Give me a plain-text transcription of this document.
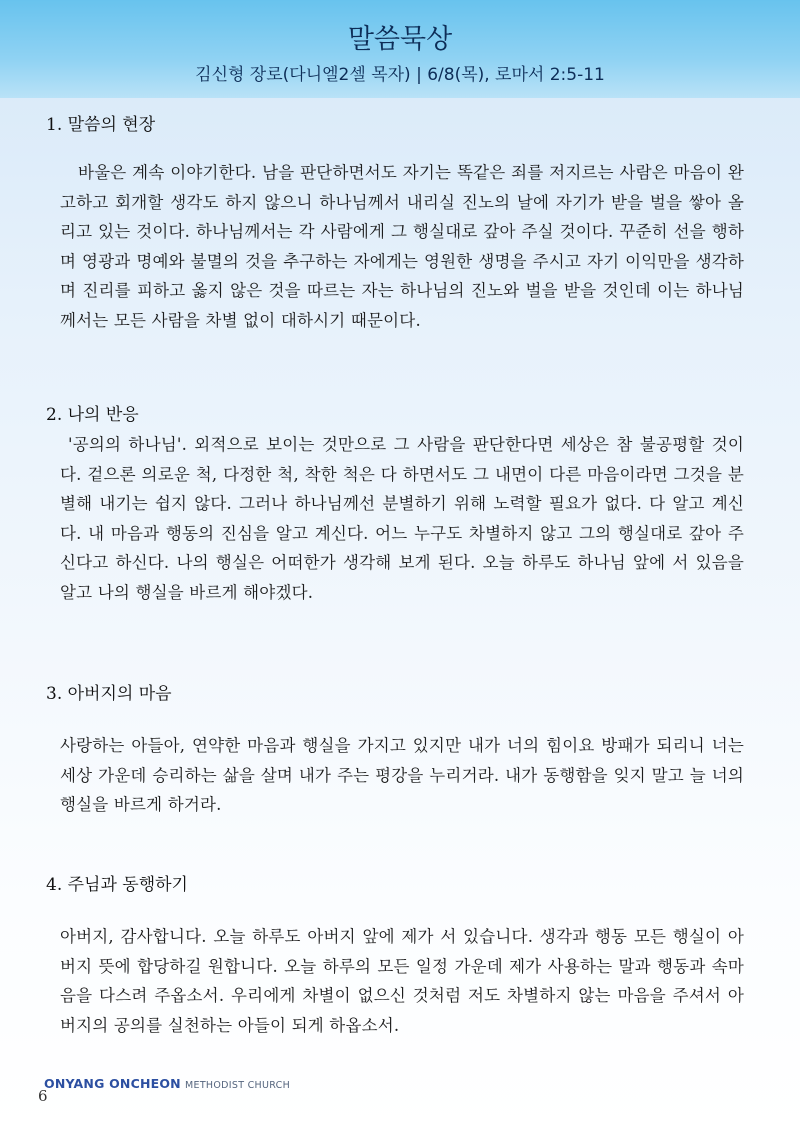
말씀묵상
김신형 장로(다니엘2셀 목자) | 6/8(목), 로마서 2:5-11
1. 말씀의 현장

바울은 계속 이야기한다. 남을 판단하면서도 자기는 똑같은 죄를 저지르는 사람은 마음이 완고하고 회개할 생각도 하지 않으니 하나님께서 내리실 진노의 날에 자기가 받을 벌을 쌓아 올리고 있는 것이다. 하나님께서는 각 사람에게 그 행실대로 갚아 주실 것이다. 꾸준히 선을 행하며 영광과 명예와 불멸의 것을 추구하는 자에게는 영원한 생명을 주시고 자기 이익만을 생각하며 진리를 피하고 옳지 않은 것을 따르는 자는 하나님의 진노와 벌을 받을 것인데 이는 하나님께서는 모든 사람을 차별 없이 대하시기 때문이다.

2. 나의 반응

'공의의 하나님'. 외적으로 보이는 것만으로 그 사람을 판단한다면 세상은 참 불공평할 것이다. 겉으론 의로운 척, 다정한 척, 착한 척은 다 하면서도 그 내면이 다른 마음이라면 그것을 분별해 내기는 쉽지 않다. 그러나 하나님께선 분별하기 위해 노력할 필요가 없다. 다 알고 계신다. 내 마음과 행동의 진심을 알고 계신다. 어느 누구도 차별하지 않고 그의 행실대로 갚아 주신다고 하신다. 나의 행실은 어떠한가 생각해 보게 된다. 오늘 하루도 하나님 앞에 서 있음을 알고 나의 행실을 바르게 해야겠다.

3. 아버지의 마음

사랑하는 아들아, 연약한 마음과 행실을 가지고 있지만 내가 너의 힘이요 방패가 되리니 너는 세상 가운데 승리하는 삶을 살며 내가 주는 평강을 누리거라. 내가 동행함을 잊지 말고 늘 너의 행실을 바르게 하거라.

4. 주님과 동행하기

아버지, 감사합니다. 오늘 하루도 아버지 앞에 제가 서 있습니다. 생각과 행동 모든 행실이 아버지 뜻에 합당하길 원합니다. 오늘 하루의 모든 일정 가운데 제가 사용하는 말과 행동과 속마음을 다스려 주옵소서. 우리에게 차별이 없으신 것처럼 저도 차별하지 않는 마음을 주셔서 아버지의 공의를 실천하는 아들이 되게 하옵소서.

ONYANG ONCHEON METHODIST CHURCH
6
